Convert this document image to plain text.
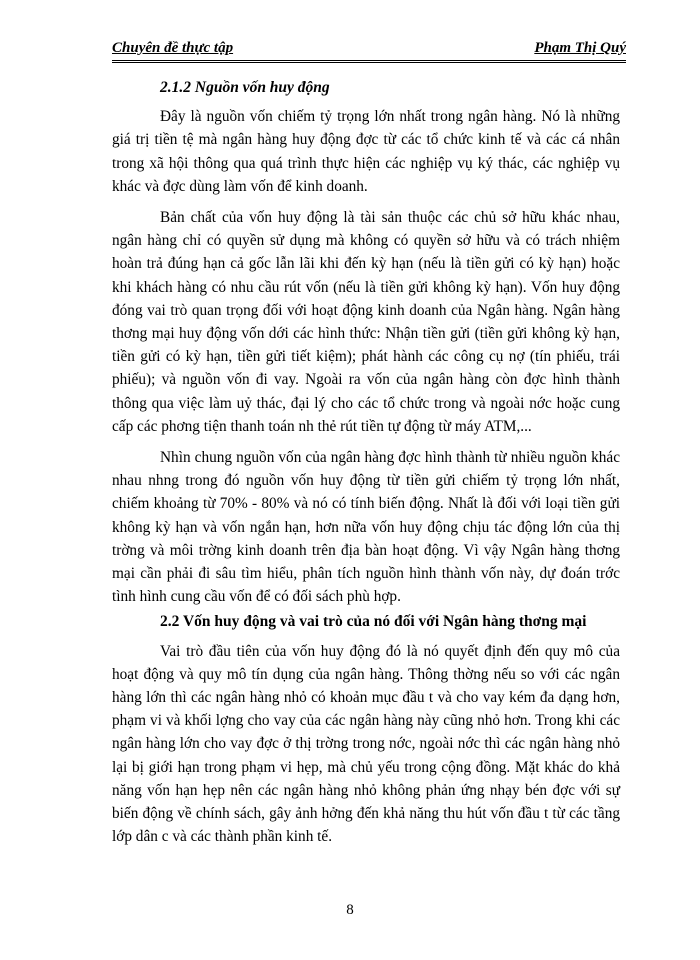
Chuyên đề thực tập	Phạm Thị Quý
2.1.2 Nguồn vốn huy động

Đây là nguồn vốn chiếm tỷ trọng lớn nhất trong ngân hàng. Nó là những giá trị tiền tệ mà ngân hàng huy động đợc từ các tổ chức kinh tế và các cá nhân trong xã hội thông qua quá trình thực hiện các nghiệp vụ ký thác, các nghiệp vụ khác và đợc dùng làm vốn để kinh doanh.

Bản chất của vốn huy động là tài sản thuộc các chủ sở hữu khác nhau, ngân hàng chỉ có quyền sử dụng mà không có quyền sở hữu và có trách nhiệm hoàn trả đúng hạn cả gốc lẫn lãi khi đến kỳ hạn (nếu là tiền gửi có kỳ hạn) hoặc khi khách hàng có nhu cầu rút vốn (nếu là tiền gửi không kỳ hạn). Vốn huy động đóng vai trò quan trọng đối với hoạt động kinh doanh của Ngân hàng. Ngân hàng thơng mại huy động vốn dới các hình thức: Nhận tiền gửi (tiền gửi không kỳ hạn, tiền gửi có kỳ hạn, tiền gửi tiết kiệm); phát hành các công cụ nợ (tín phiếu, trái phiếu); và nguồn vốn đi vay. Ngoài ra vốn của ngân hàng còn đợc hình thành thông qua việc làm uỷ thác, đại lý cho các tổ chức trong và ngoài nớc hoặc cung cấp các phơng tiện thanh toán nh thẻ rút tiền tự động từ máy ATM,...

Nhìn chung nguồn vốn của ngân hàng đợc hình thành từ nhiều nguồn khác nhau nhng trong đó nguồn vốn huy động từ tiền gửi chiếm tỷ trọng lớn nhất, chiếm khoảng từ 70% - 80% và nó có tính biến động. Nhất là đối với loại tiền gửi không kỳ hạn và vốn ngắn hạn, hơn nữa vốn huy động chịu tác động lớn của thị trờng và môi trờng kinh doanh trên địa bàn hoạt động. Vì vậy Ngân hàng thơng mại cần phải đi sâu tìm hiểu, phân tích nguồn hình thành vốn này, dự đoán trớc tình hình cung cầu vốn để có đối sách phù hợp.

2.2 Vốn huy động và vai trò của nó đối với Ngân hàng thơng mại

Vai trò đầu tiên của vốn huy động đó là nó quyết định đến quy mô của hoạt động và quy mô tín dụng của ngân hàng. Thông thờng nếu so với các ngân hàng lớn thì các ngân hàng nhỏ có khoản mục đầu t và cho vay kém đa dạng hơn, phạm vi và khối lợng cho vay của các ngân hàng này cũng nhỏ hơn. Trong khi các ngân hàng lớn cho vay đợc ở thị trờng trong nớc, ngoài nớc thì các ngân hàng nhỏ lại bị giới hạn trong phạm vi hẹp, mà chủ yếu trong cộng đồng. Mặt khác do khả năng vốn hạn hẹp nên các ngân hàng nhỏ không phản ứng nhạy bén đợc với sự biến động về chính sách, gây ảnh hởng đến khả năng thu hút vốn đầu t từ các tầng lớp dân c và các thành phần kinh tế.

8
